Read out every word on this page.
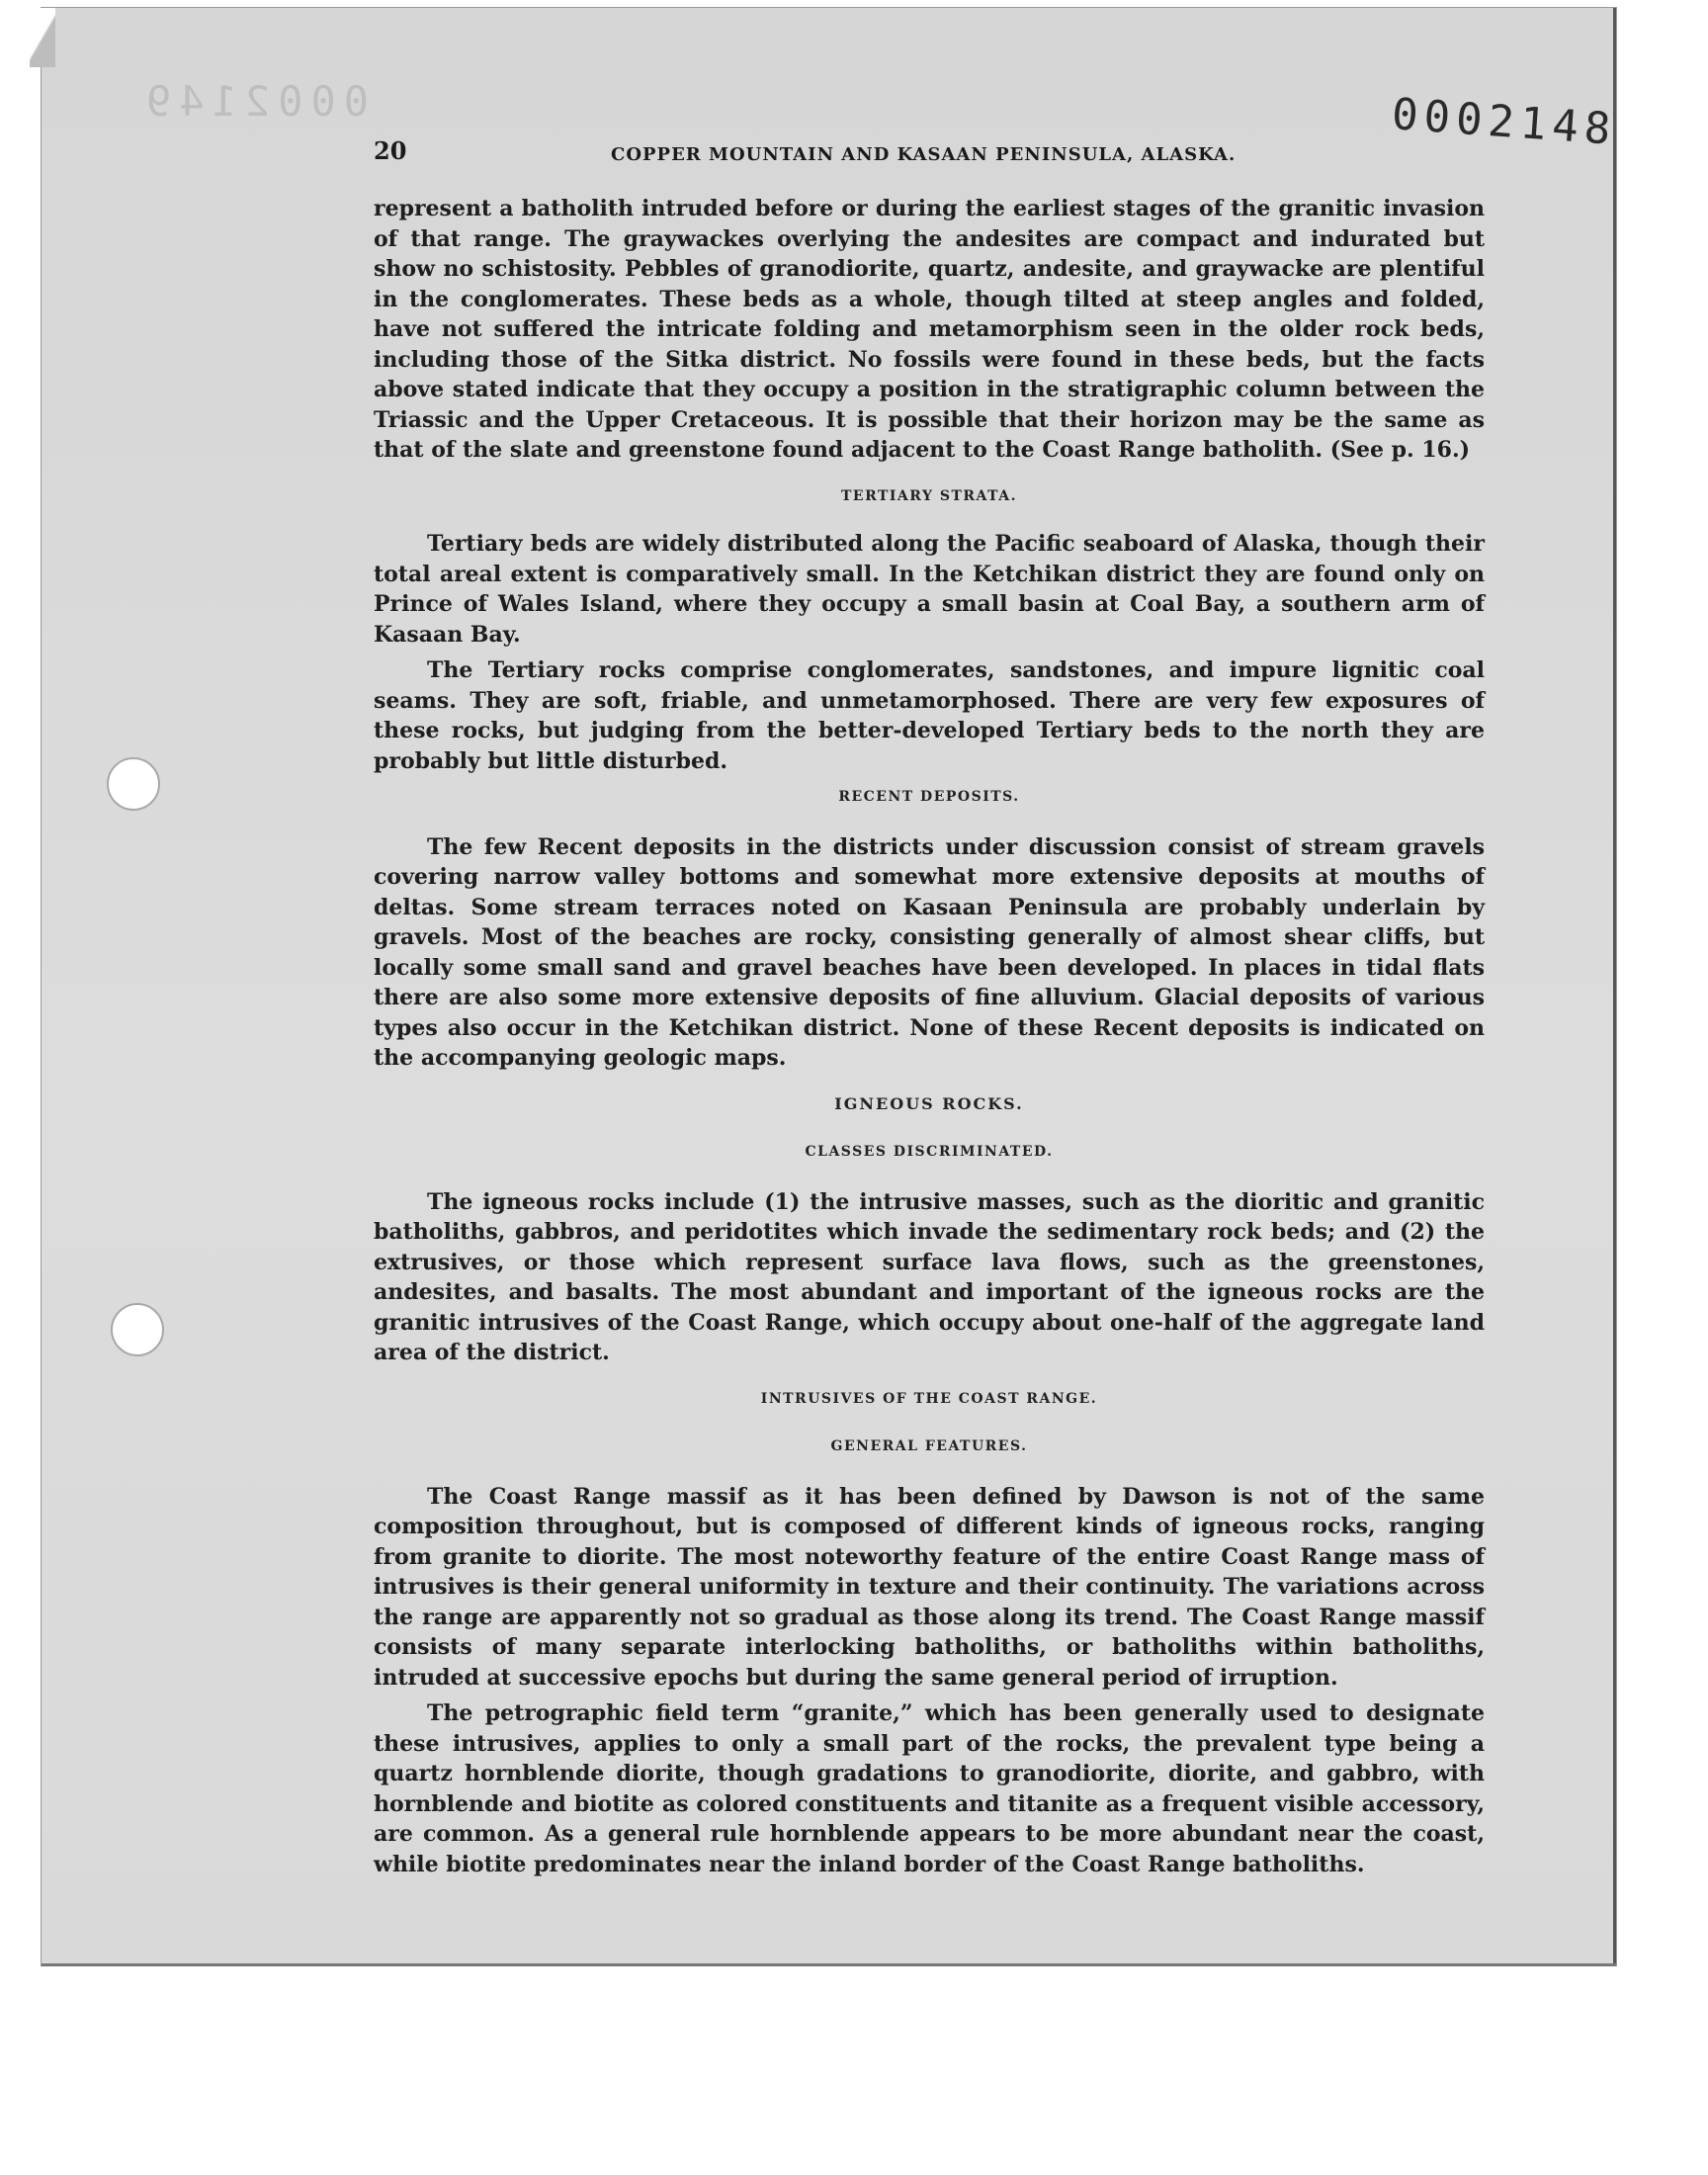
0002149	0002148
20	COPPER MOUNTAIN AND KASAAN PENINSULA, ALASKA.

represent a batholith intruded before or during the earliest stages of the granitic invasion of that range. The graywackes overlying the andesites are compact and indurated but show no schistosity. Pebbles of granodiorite, quartz, andesite, and graywacke are plentiful in the conglomerates. These beds as a whole, though tilted at steep angles and folded, have not suffered the intricate folding and metamorphism seen in the older rock beds, including those of the Sitka district. No fossils were found in these beds, but the facts above stated indicate that they occupy a position in the stratigraphic column between the Triassic and the Upper Cretaceous. It is possible that their horizon may be the same as that of the slate and greenstone found adjacent to the Coast Range batholith. (See p. 16.)

TERTIARY STRATA.

Tertiary beds are widely distributed along the Pacific seaboard of Alaska, though their total areal extent is comparatively small. In the Ketchikan district they are found only on Prince of Wales Island, where they occupy a small basin at Coal Bay, a southern arm of Kasaan Bay.

The Tertiary rocks comprise conglomerates, sandstones, and impure lignitic coal seams. They are soft, friable, and unmetamorphosed. There are very few exposures of these rocks, but judging from the better-developed Tertiary beds to the north they are probably but little disturbed.

RECENT DEPOSITS.

The few Recent deposits in the districts under discussion consist of stream gravels covering narrow valley bottoms and somewhat more extensive deposits at mouths of deltas. Some stream terraces noted on Kasaan Peninsula are probably underlain by gravels. Most of the beaches are rocky, consisting generally of almost shear cliffs, but locally some small sand and gravel beaches have been developed. In places in tidal flats there are also some more extensive deposits of fine alluvium. Glacial deposits of various types also occur in the Ketchikan district. None of these Recent deposits is indicated on the accompanying geologic maps.

IGNEOUS ROCKS.
CLASSES DISCRIMINATED.

The igneous rocks include (1) the intrusive masses, such as the dioritic and granitic batholiths, gabbros, and peridotites which invade the sedimentary rock beds; and (2) the extrusives, or those which represent surface lava flows, such as the greenstones, andesites, and basalts. The most abundant and important of the igneous rocks are the granitic intrusives of the Coast Range, which occupy about one-half of the aggregate land area of the district.

INTRUSIVES OF THE COAST RANGE.
GENERAL FEATURES.

The Coast Range massif as it has been defined by Dawson is not of the same composition throughout, but is composed of different kinds of igneous rocks, ranging from granite to diorite. The most noteworthy feature of the entire Coast Range mass of intrusives is their general uniformity in texture and their continuity. The variations across the range are apparently not so gradual as those along its trend. The Coast Range massif consists of many separate interlocking batholiths, or batholiths within batholiths, intruded at successive epochs but during the same general period of irruption.

The petrographic field term “granite,” which has been generally used to designate these intrusives, applies to only a small part of the rocks, the prevalent type being a quartz hornblende diorite, though gradations to granodiorite, diorite, and gabbro, with hornblende and biotite as colored constituents and titanite as a frequent visible accessory, are common. As a general rule hornblende appears to be more abundant near the coast, while biotite predominates near the inland border of the Coast Range batholiths.
